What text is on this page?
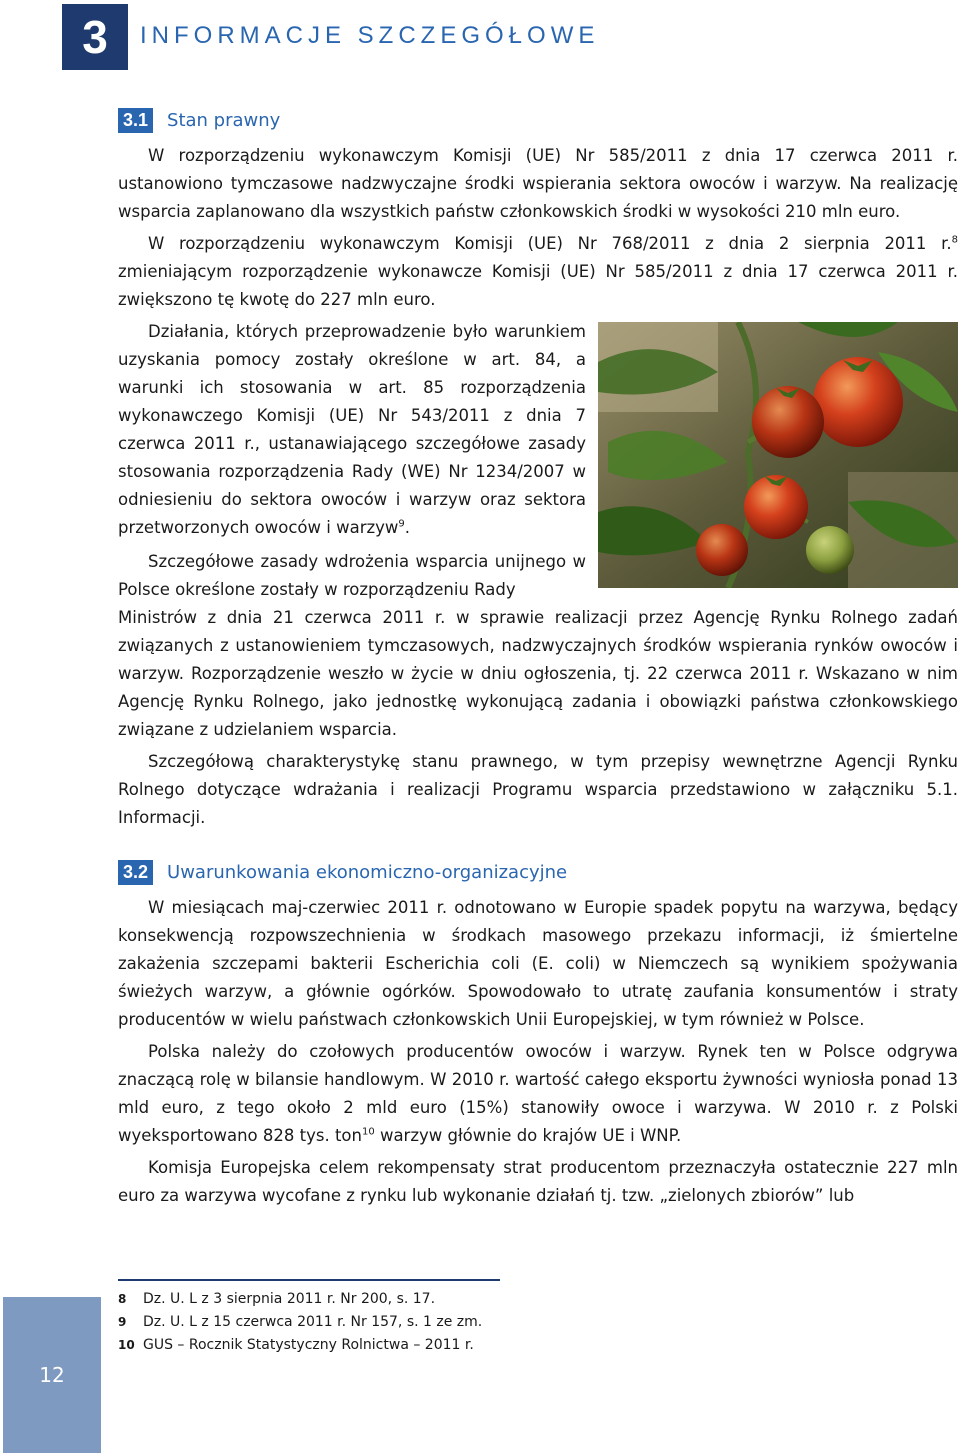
3	INFORMACJE SZCZEGÓŁOWE
3.1 Stan prawny

W rozporządzeniu wykonawczym Komisji (UE) Nr 585/2011 z dnia 17 czerwca 2011 r. ustanowiono tymczasowe nadzwyczajne środki wspierania sektora owoców i warzyw. Na realizację wsparcia zaplanowano dla wszystkich państw członkowskich środki w wysokości 210 mln euro.

W rozporządzeniu wykonawczym Komisji (UE) Nr 768/2011 z dnia 2 sierpnia 2011 r.$^8$ zmieniającym rozporządzenie wykonawcze Komisji (UE) Nr 585/2011 z dnia 17 czerwca 2011 r. zwiększono tę kwotę do 227 mln euro.

Działania, których przeprowadzenie było warunkiem uzyskania pomocy zostały określone w art. 84, a warunki ich stosowania w art. 85 rozporządzenia wykonawczego Komisji (UE) Nr 543/2011 z dnia 7 czerwca 2011 r., ustanawiającego szczegółowe zasady stosowania rozporządzenia Rady (WE) Nr 1234/2007 w odniesieniu do sektora owoców i warzyw oraz sektora przetworzonych owoców i warzyw$^9$.

Szczegółowe zasady wdrożenia wsparcia unijnego w Polsce określone zostały w rozporządzeniu Rady

Ministrów z dnia 21 czerwca 2011 r. w sprawie realizacji przez Agencję Rynku Rolnego zadań związanych z ustanowieniem tymczasowych, nadzwyczajnych środków wspierania rynków owoców i warzyw. Rozporządzenie weszło w życie w dniu ogłoszenia, tj. 22 czerwca 2011 r. Wskazano w nim Agencję Rynku Rolnego, jako jednostkę wykonującą zadania i obowiązki państwa członkowskiego związane z udzielaniem wsparcia.

Szczegółową charakterystykę stanu prawnego, w tym przepisy wewnętrzne Agencji Rynku Rolnego dotyczące wdrażania i realizacji Programu wsparcia przedstawiono w załączniku 5.1. Informacji.

3.2 Uwarunkowania ekonomiczno-organizacyjne

W miesiącach maj-czerwiec 2011 r. odnotowano w Europie spadek popytu na warzywa, będący konsekwencją rozpowszechnienia w środkach masowego przekazu informacji, iż śmiertelne zakażenia szczepami bakterii Escherichia coli (E. coli) w Niemczech są wynikiem spożywania świeżych warzyw, a głównie ogórków. Spowodowało to utratę zaufania konsumentów i straty producentów w wielu państwach członkowskich Unii Europejskiej, w tym również w Polsce.

Polska należy do czołowych producentów owoców i warzyw. Rynek ten w Polsce odgrywa znaczącą rolę w bilansie handlowym. W 2010 r. wartość całego eksportu żywności wyniosła ponad 13 mld euro, z tego około 2 mld euro (15%) stanowiły owoce i warzywa. W 2010 r. z Polski wyeksportowano 828 tys. ton$^{10}$ warzyw głównie do krajów UE i WNP.

Komisja Europejska celem rekompensaty strat producentom przeznaczyła ostatecznie 227 mln euro za warzywa wycofane z rynku lub wykonanie działań tj. tzw. „zielonych zbiorów” lub

8	Dz. U. L z 3 sierpnia 2011 r. Nr 200, s. 17.
9	Dz. U. L z 15 czerwca 2011 r. Nr 157, s. 1 ze zm.
10 GUS – Rocznik Statystyczny Rolnictwa – 2011 r.
12
